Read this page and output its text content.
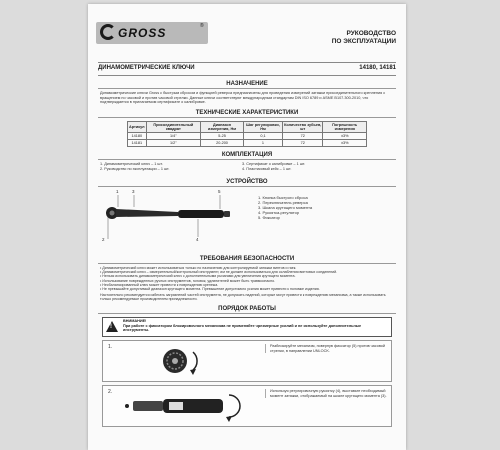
GROSS	®
РУКОВОДСТВО
ПО ЭКСПЛУАТАЦИИ
ДИНАМОМЕТРИЧЕСКИЕ КЛЮЧИ	14180, 14181
НАЗНАЧЕНИЕ
Динамометрические ключи Gross с быстрым сбросом и функцией реверса предназначены для проведения измерений затяжки присоединительного крепления с вращением по часовой и против часовой стрелки. Данные ключи соответствуют международным стандартам DIN ISO 6789 и ASME B107.300-2010, что подтверждается в прилагаемом сертификате о калибровке.
ТЕХНИЧЕСКИЕ ХАРАКТЕРИСТИКИ
Артикул	Присоединительный квадрат	Диапазон измерения, Нм	Шаг регулировки, Нм	Количество зубьев, шт	Погрешность измерения
14180	1/4"	5-25	0,1	72	±3%
14181	1/2"	20-200	1	72	±3%
КОМПЛЕКТАЦИЯ
1. Динамометрический ключ – 1 шт.
2. Руководство по эксплуатации – 1 шт.
3. Сертификат о калибровке – 1 шт.
4. Пластиковый кейс – 1 шт.
УСТРОЙСТВО
1	3	5
2	4
1. Кнопка быстрого сброса
2. Переключатель реверса
3. Шкала крутящего момента
4. Рукоятка-регулятор
5. Фиксатор
ТРЕБОВАНИЯ БЕЗОПАСНОСТИ
• Динамометрический ключ может использоваться только по назначению для контролируемой затяжки винтов и гаек.
• Динамометрический ключ – измерительный/контрольный инструмент, им не должен использоваться для ослабления винтовых соединений.
• Нельзя использовать динамометрический ключ с дополнительными рычагами для увеличения крутящего момента.
• Использование поврежденных ручных инструментов, головок, удлинителей может быть травмоопасно.
• Несбалансированный ключ может привести к повреждению крепежа.
• Не превышайте допустимый диапазон крутящего момента. Превышение допустимого усилия может привести к поломке изделия.
Настоятельно рекомендуется избегать загрязнений частей инструмента, не допускать падений, которые могут привести к повреждению механизма, а также использовать только рекомендуемые производителем принадлежности.
ПОРЯДОК РАБОТЫ
!
ВНИМАНИЕ!
При работе с фиксатором блокировочного механизма не применяйте чрезмерные усилий и не используйте дополнительные инструменты.
1.	Разблокируйте механизм, повернув фиксатор (5) против часовой стрелки, в направлении UNLOCK.
2.	Используя регулировочную рукоятку (4), выставьте необходимый момент затяжки, отображаемый на шкале крутящего момента (3).
